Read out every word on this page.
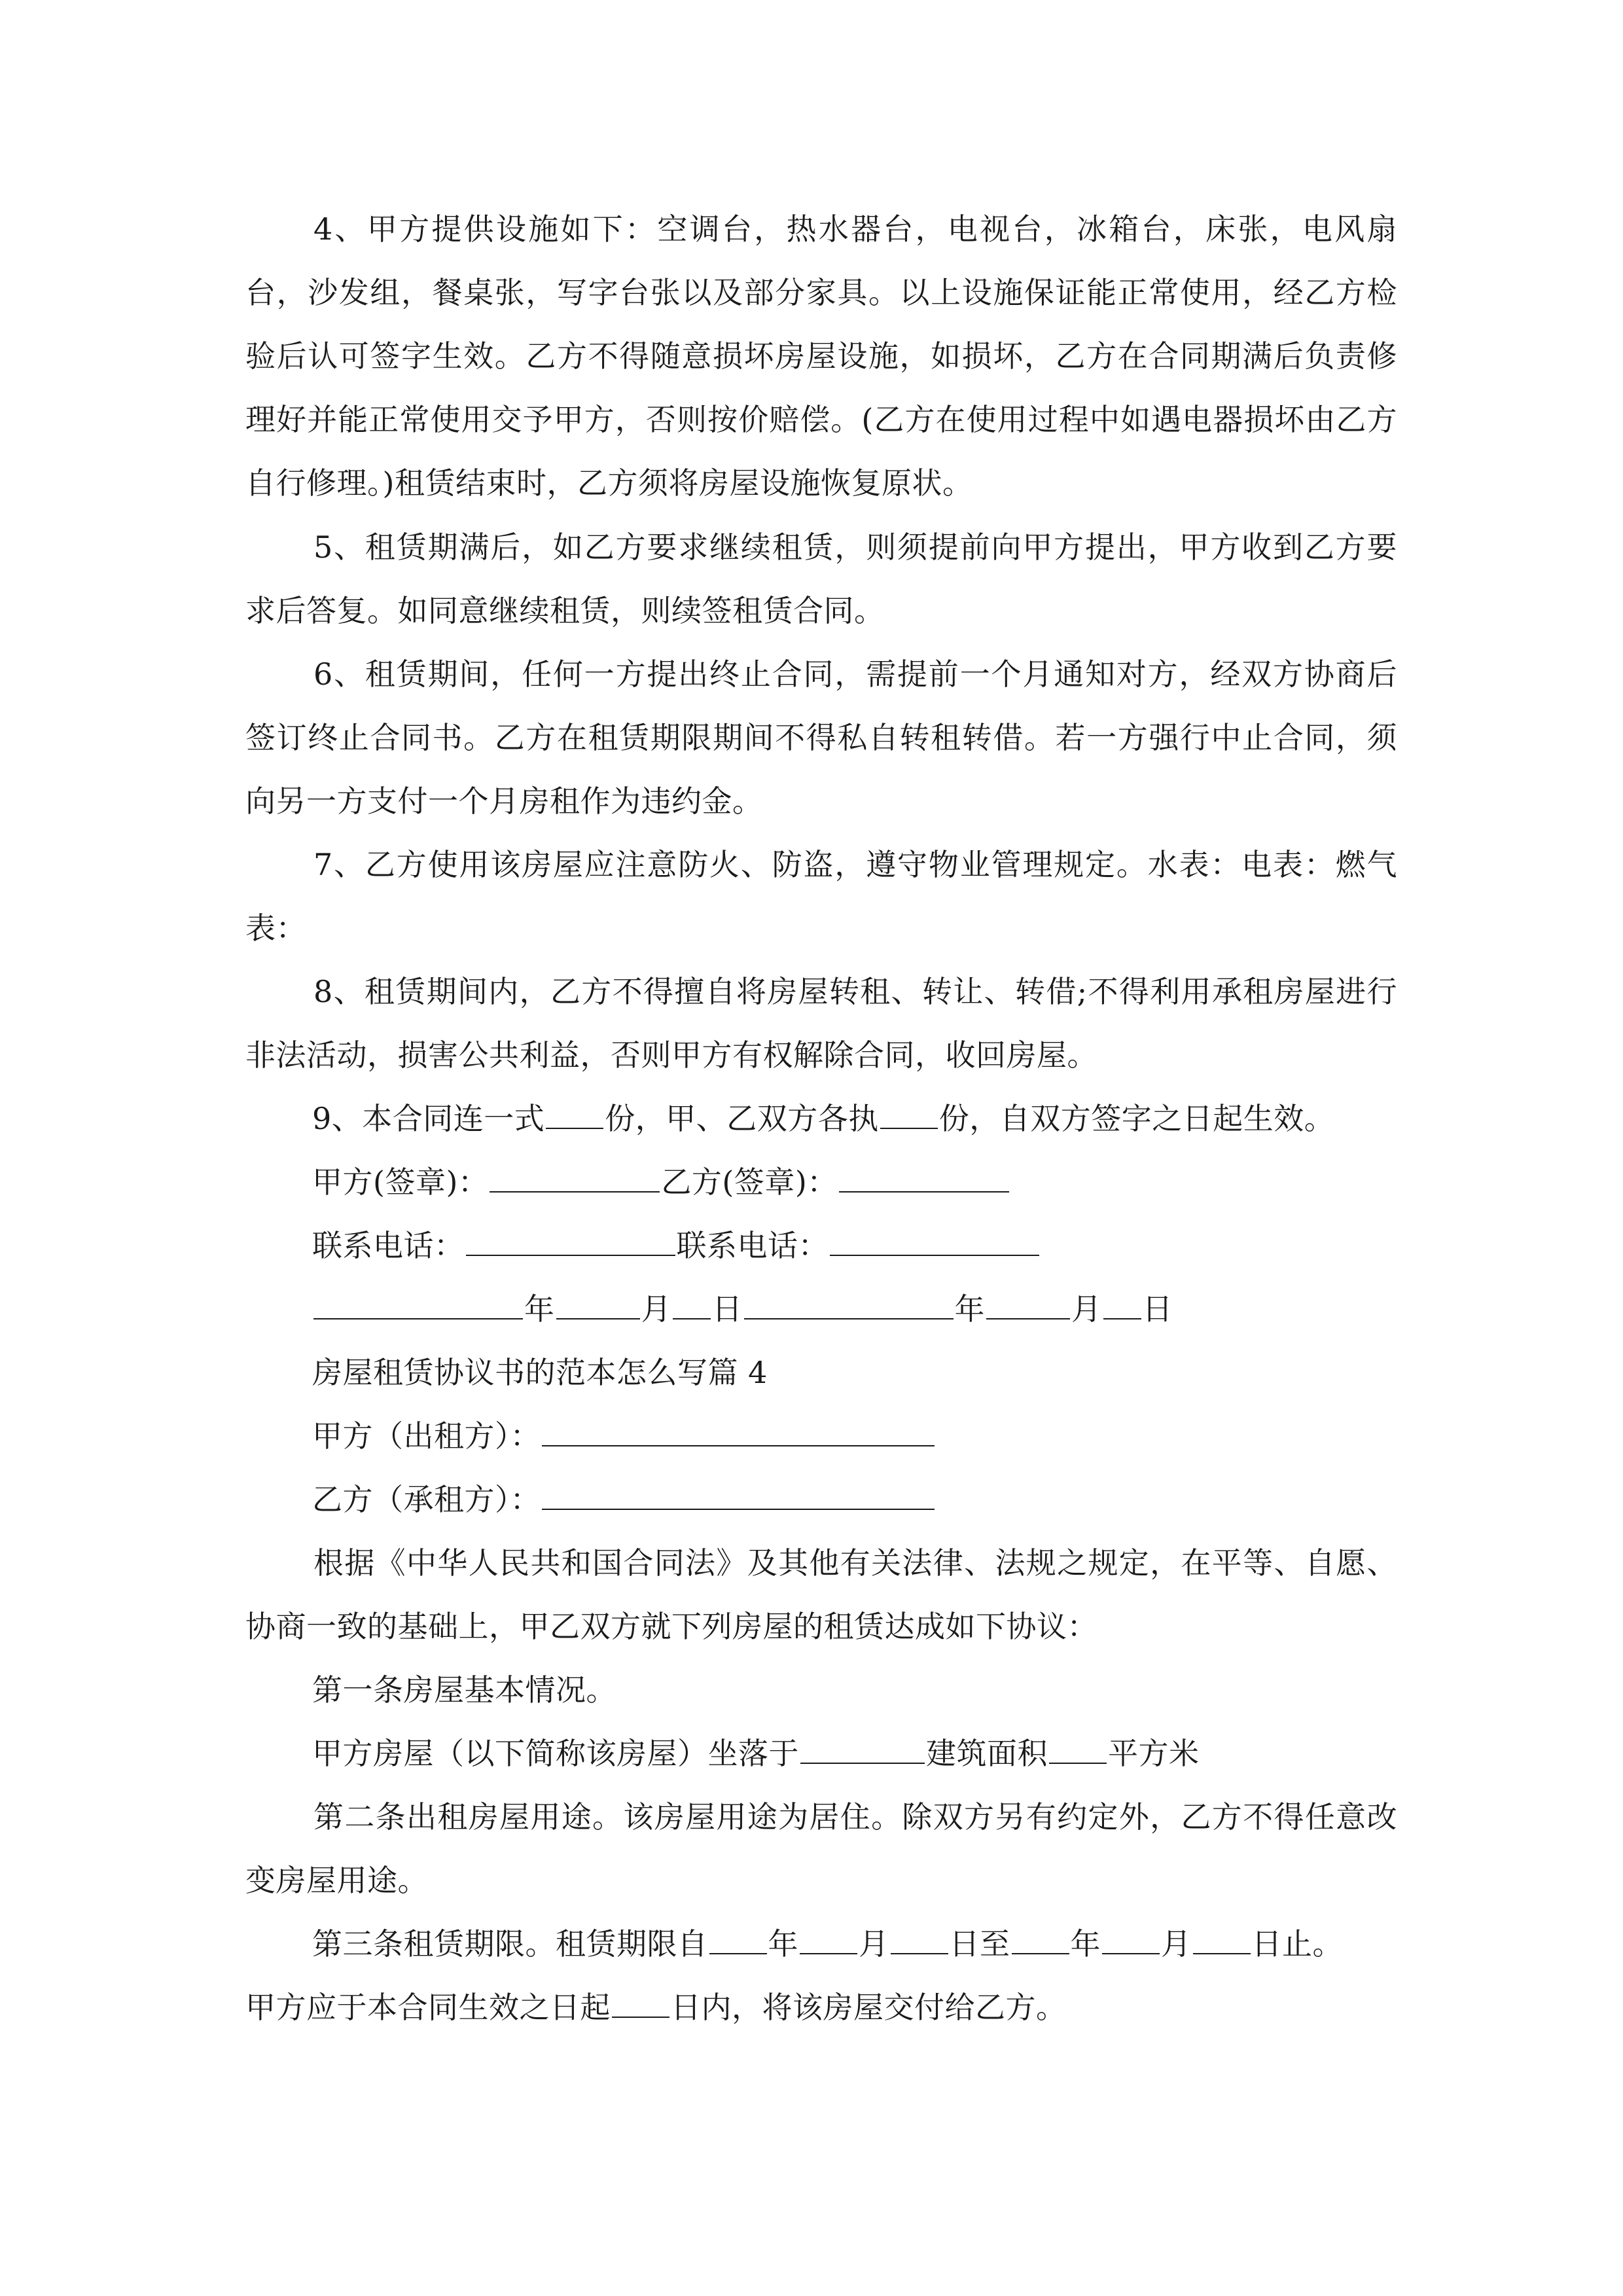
4、甲方提供设施如下：空调台，热水器台，电视台，冰箱台，床张，电风扇台，沙发组，餐桌张，写字台张以及部分家具。以上设施保证能正常使用，经乙方检验后认可签字生效。乙方不得随意损坏房屋设施，如损坏，乙方在合同期满后负责修理好并能正常使用交予甲方，否则按价赔偿。(乙方在使用过程中如遇电器损坏由乙方自行修理。)租赁结束时，乙方须将房屋设施恢复原状。

5、租赁期满后，如乙方要求继续租赁，则须提前向甲方提出，甲方收到乙方要求后答复。如同意继续租赁，则续签租赁合同。

6、租赁期间，任何一方提出终止合同，需提前一个月通知对方，经双方协商后签订终止合同书。乙方在租赁期限期间不得私自转租转借。若一方强行中止合同，须向另一方支付一个月房租作为违约金。

7、乙方使用该房屋应注意防火、防盗，遵守物业管理规定。水表：电表：燃气表：

8、租赁期间内，乙方不得擅自将房屋转租、转让、转借;不得利用承租房屋进行非法活动，损害公共利益，否则甲方有权解除合同，收回房屋。

9、本合同连一式 份，甲、乙双方各执 份，自双方签字之日起生效。

甲方(签章)：	乙方(签章)：

联系电话：	联系电话：

年	月 日	年	月 日

房屋租赁协议书的范本怎么写篇 4

甲方（出租方）：

乙方（承租方）：

根据《中华人民共和国合同法》及其他有关法律、法规之规定，在平等、自愿、协商一致的基础上，甲乙双方就下列房屋的租赁达成如下协议：

第一条房屋基本情况。

甲方房屋（以下简称该房屋）坐落于	建筑面积 平方米

第二条出租房屋用途。该房屋用途为居住。除双方另有约定外，乙方不得任意改变房屋用途。

第三条租赁期限。租赁期限自 年 月 日至 年 月 日止。

甲方应于本合同生效之日起 日内，将该房屋交付给乙方。
